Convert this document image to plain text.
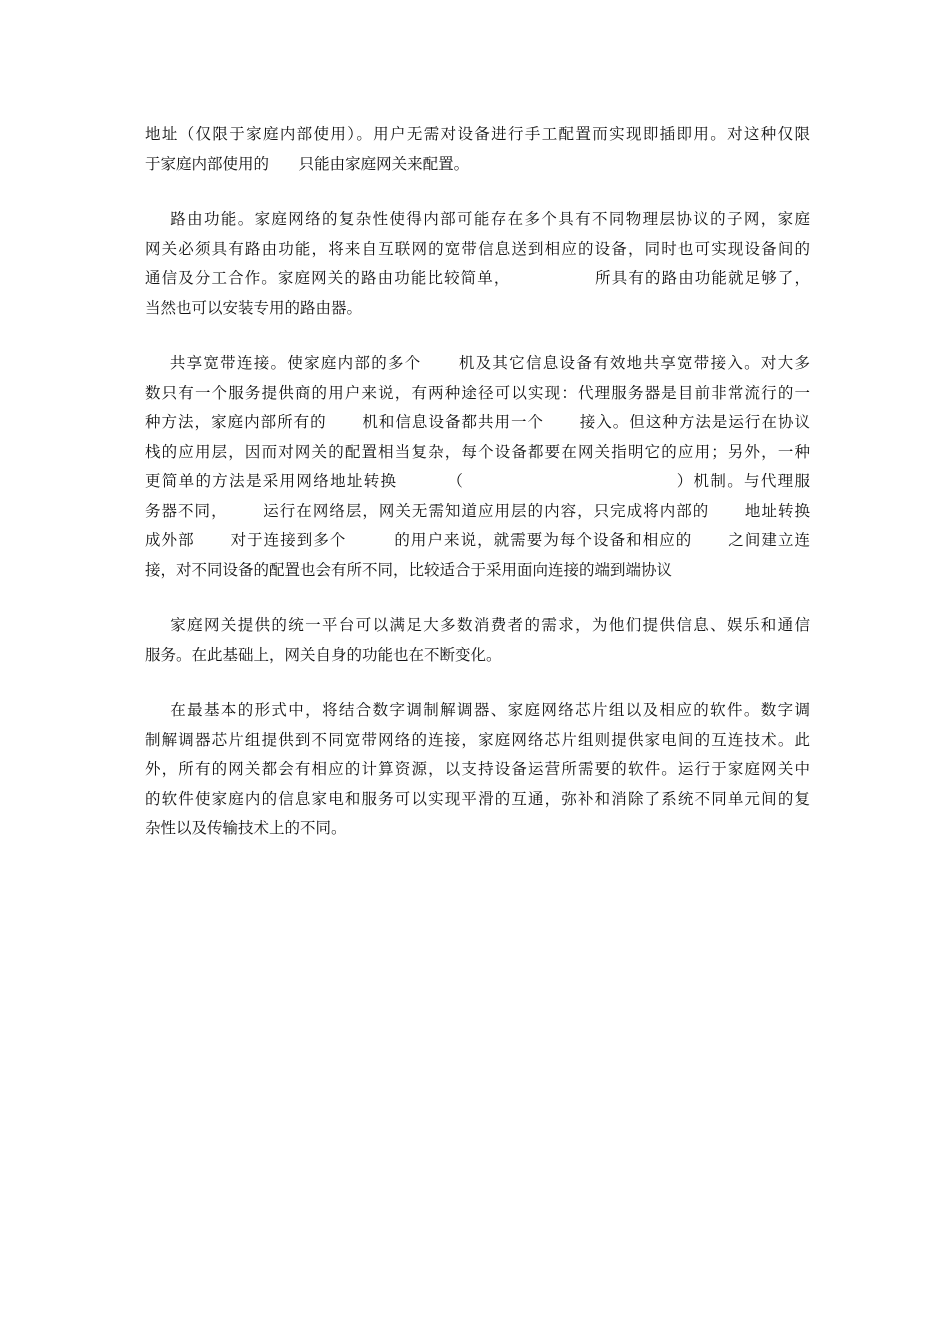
地址（仅限于家庭内部使用）。用户无需对设备进行手工配置而实现即插即用。对这种仅限
于家庭内部使用的      只能由家庭网关来配置。

路由功能。家庭网络的复杂性使得内部可能存在多个具有不同物理层协议的子网，家庭
网关必须具有路由功能，将来自互联网的宽带信息送到相应的设备，同时也可实现设备间的
通信及分工合作。家庭网关的路由功能比较简单，              所具有的路由功能就足够了，
当然也可以安装专用的路由器。

共享宽带连接。使家庭内部的多个      机及其它信息设备有效地共享宽带接入。对大多
数只有一个服务提供商的用户来说，有两种途径可以实现：代理服务器是目前非常流行的一
种方法，家庭内部所有的      机和信息设备都共用一个      接入。但这种方法是运行在协议
栈的应用层，因而对网关的配置相当复杂，每个设备都要在网关指明它的应用；另外，一种
更简单的方法是采用网络地址转换        （                                  ）机制。与代理服
务器不同，      运行在网络层，网关无需知道应用层的内容，只完成将内部的      地址转换
成外部      对于连接到多个        的用户来说，就需要为每个设备和相应的      之间建立连
接，对不同设备的配置也会有所不同，比较适合于采用面向连接的端到端协议

家庭网关提供的统一平台可以满足大多数消费者的需求，为他们提供信息、娱乐和通信
服务。在此基础上，网关自身的功能也在不断变化。

在最基本的形式中，将结合数字调制解调器、家庭网络芯片组以及相应的软件。数字调
制解调器芯片组提供到不同宽带网络的连接，家庭网络芯片组则提供家电间的互连技术。此
外，所有的网关都会有相应的计算资源，以支持设备运营所需要的软件。运行于家庭网关中
的软件使家庭内的信息家电和服务可以实现平滑的互通，弥补和消除了系统不同单元间的复
杂性以及传输技术上的不同。
